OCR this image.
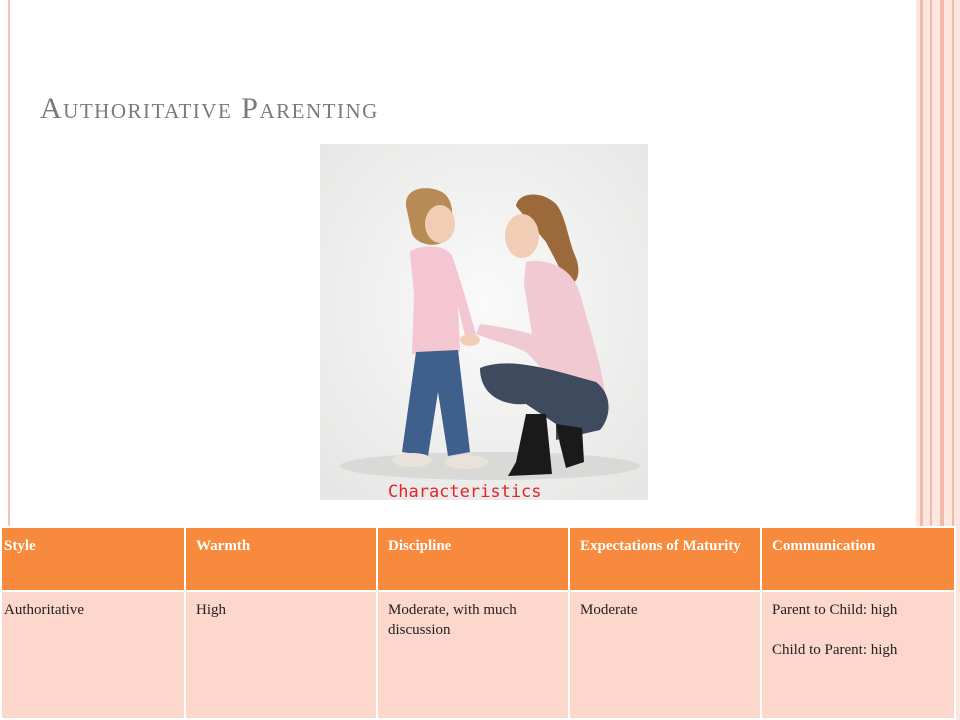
Authoritative Parenting
Characteristics
Style	Warmth	Discipline	Expectations of Maturity	Communication
Authoritative	High	Moderate, with much discussion	Moderate	Parent to Child: high
Child to Parent: high
